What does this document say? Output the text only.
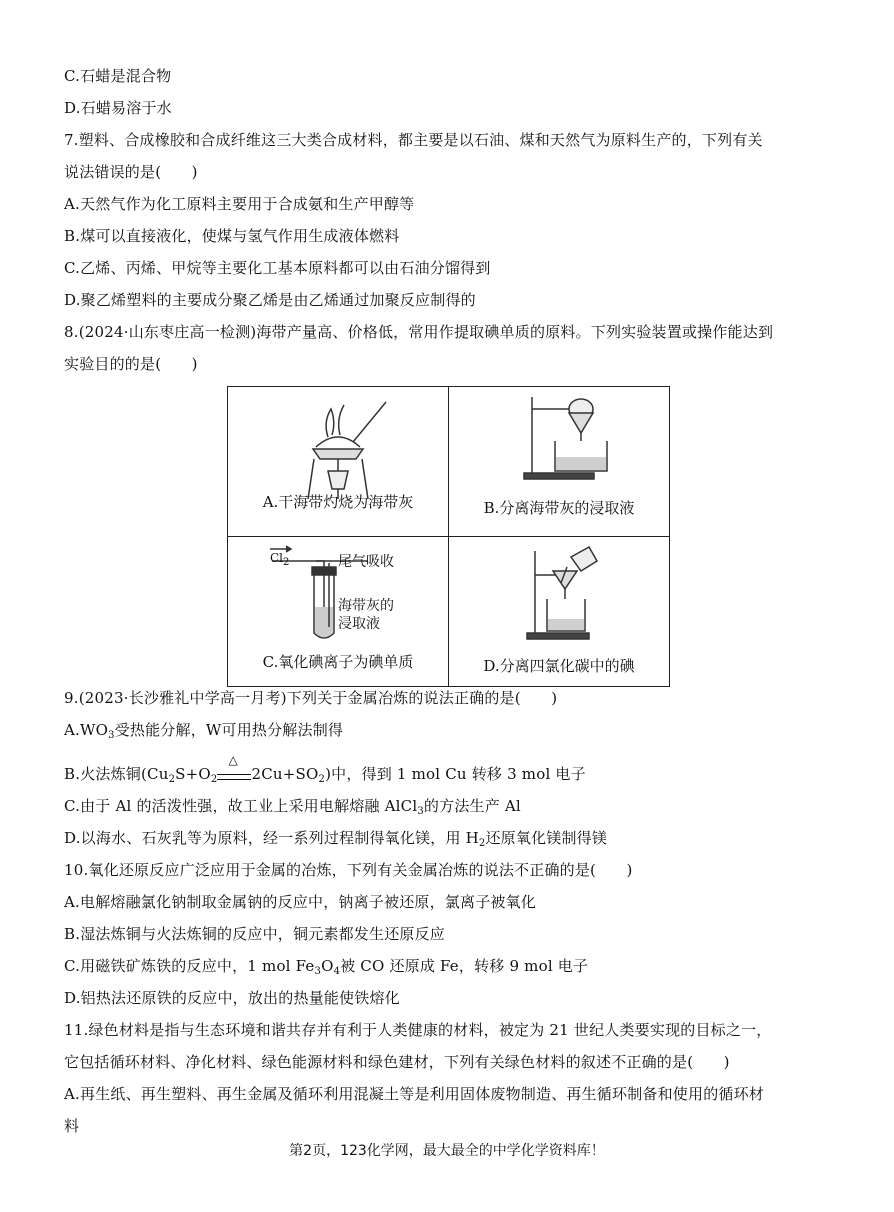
C.石蜡是混合物
D.石蜡易溶于水
7.塑料、合成橡胶和合成纤维这三大类合成材料，都主要是以石油、煤和天然气为原料生产的，下列有关
说法错误的是(　　)
A.天然气作为化工原料主要用于合成氨和生产甲醇等
B.煤可以直接液化，使煤与氢气作用生成液体燃料
C.乙烯、丙烯、甲烷等主要化工基本原料都可以由石油分馏得到
D.聚乙烯塑料的主要成分聚乙烯是由乙烯通过加聚反应制得的
8.(2024·山东枣庄高一检测)海带产量高、价格低，常用作提取碘单质的原料。下列实验装置或操作能达到
实验目的的是(　　)
A.干海带灼烧为海带灰	B.分离海带灰的浸取液

$Cl_2$ 尾气吸收
海带灰的
浸取液
C.氧化碘离子为碘单质	D.分离四氯化碳中的碘
9.(2023·长沙雅礼中学高一月考)下列关于金属冶炼的说法正确的是(　　)
$A.WO_3$受热能分解，W可用热分解法制得
B.火法炼铜($Cu_2S+O_2$
△
$2Cu+SO_2$)中，得到 1 mol Cu 转移 3 mol 电子
C.由于 Al 的活泼性强，故工业上采用电解熔融 AlCl$_3$的方法生产 Al
D.以海水、石灰乳等为原料，经一系列过程制得氧化镁，用 $H_2$还原氧化镁制得镁
10.氧化还原反应广泛应用于金属的冶炼，下列有关金属冶炼的说法不正确的是(　　)
A.电解熔融氯化钠制取金属钠的反应中，钠离子被还原，氯离子被氧化
B.湿法炼铜与火法炼铜的反应中，铜元素都发生还原反应
C.用磁铁矿炼铁的反应中，1 mol $Fe_3O_4$被 CO 还原成 Fe，转移 9 mol 电子
D.铝热法还原铁的反应中，放出的热量能使铁熔化
11.绿色材料是指与生态环境和谐共存并有利于人类健康的材料，被定为 21 世纪人类要实现的目标之一，
它包括循环材料、净化材料、绿色能源材料和绿色建材，下列有关绿色材料的叙述不正确的是(　　)
A.再生纸、再生塑料、再生金属及循环利用混凝土等是利用固体废物制造、再生循环制备和使用的循环材
料
第2页，123化学网，最大最全的中学化学资料库！
